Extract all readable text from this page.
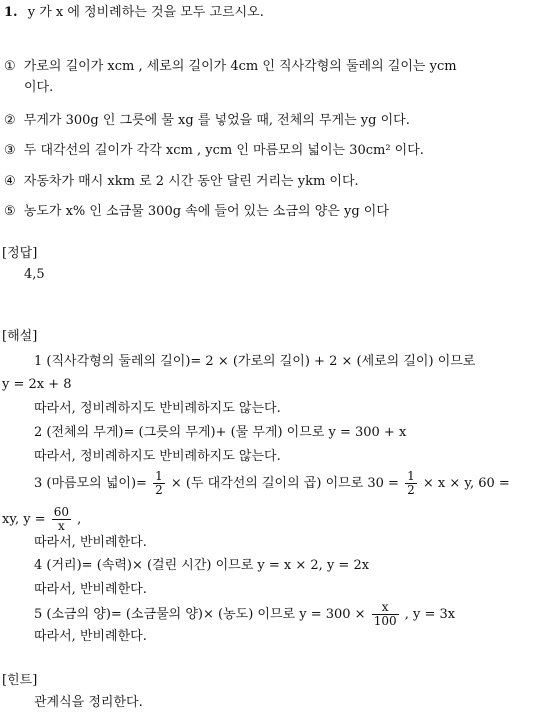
1. y 가 x 에 정비례하는 것을 모두 고르시오.
① 가로의 길이가 xcm , 세로의 길이가 4cm 인 직사각형의 둘레의 길이는 ycm
이다.
② 무게가 300g 인 그릇에 물 xg 를 넣었을 때, 전체의 무게는 yg 이다.
③ 두 대각선의 길이가 각각 xcm , ycm 인 마름모의 넓이는 30cm² 이다.
④ 자동차가 매시 xkm 로 2 시간 동안 달린 거리는 ykm 이다.
⑤ 농도가 x% 인 소금물 300g 속에 들어 있는 소금의 양은 yg 이다
[정답]
4,5
[해설]
1 (직사각형의 둘레의 길이)= 2 × (가로의 길이) + 2 × (세로의 길이) 이므로
y = 2x + 8
따라서, 정비례하지도 반비례하지도 않는다.
2 (전체의 무게)= (그릇의 무게)+ (물 무게) 이므로 y = 300 + x
따라서, 정비례하지도 반비례하지도 않는다.
3 (마름모의 넓이)= $\frac{1}{2}$ × (두 대각선의 길이의 곱) 이므로 $30 = \frac{1}{2} \times x \times y$, 60 =
xy, $y = \frac{60}{x}$ ,
따라서, 반비례한다.
4 (거리)= (속력)× (걸린 시간) 이므로 y = x × 2, y = 2x
따라서, 반비례한다.
5 (소금의 양)= (소금물의 양)× (농도) 이므로 $y = 300 \times \frac{x}{100}$ , y = 3x
따라서, 반비례한다.
[힌트]
관계식을 정리한다.
